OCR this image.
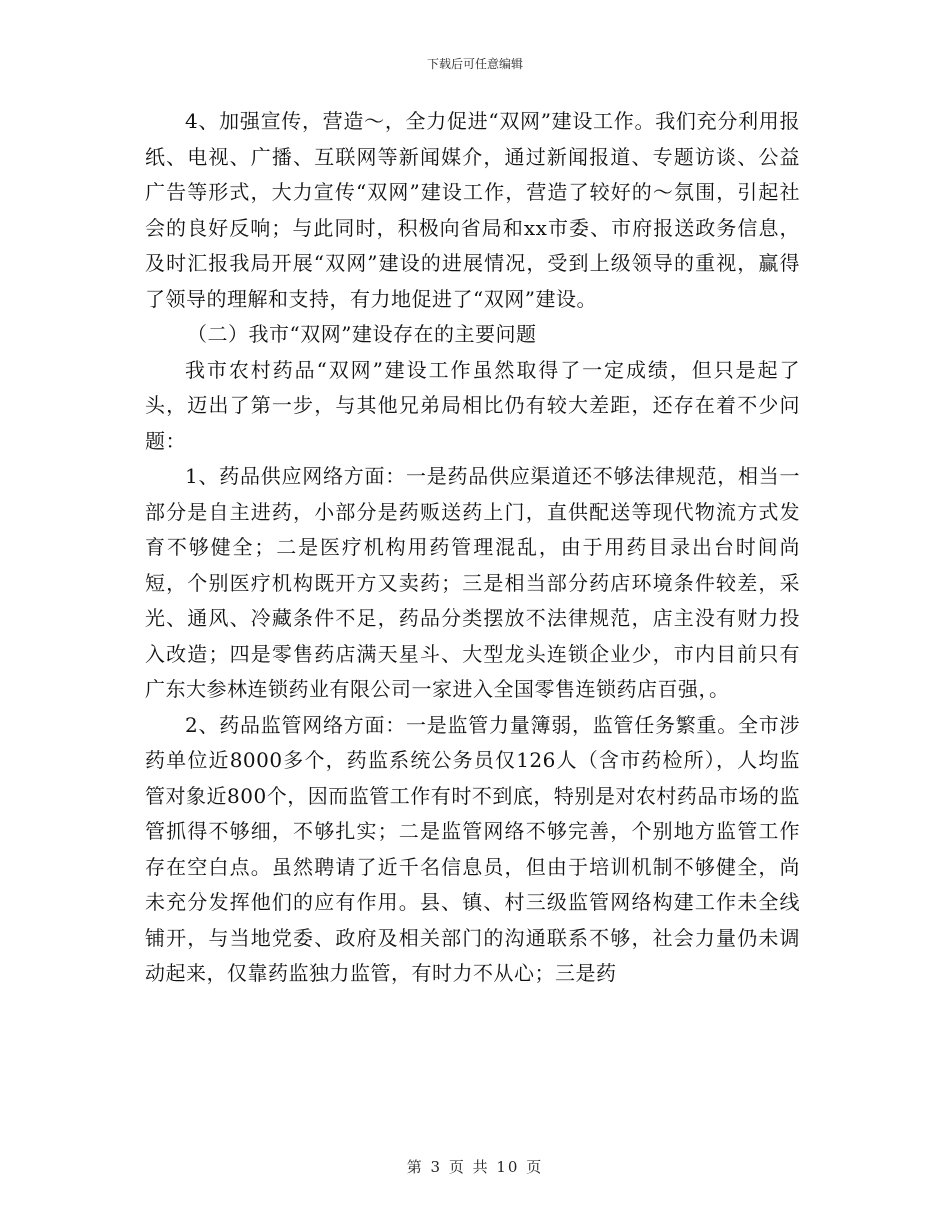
下载后可任意编辑

4、加强宣传，营造～，全力促进“双网”建设工作。我们充分利用报纸、电视、广播、互联网等新闻媒介，通过新闻报道、专题访谈、公益广告等形式，大力宣传“双网”建设工作，营造了较好的～氛围，引起社会的良好反响；与此同时，积极向省局和xx市委、市府报送政务信息，及时汇报我局开展“双网”建设的进展情况，受到上级领导的重视，赢得了领导的理解和支持，有力地促进了“双网”建设。

（二）我市“双网”建设存在的主要问题

我市农村药品“双网”建设工作虽然取得了一定成绩，但只是起了头，迈出了第一步，与其他兄弟局相比仍有较大差距，还存在着不少问题：

1、药品供应网络方面：一是药品供应渠道还不够法律规范，相当一部分是自主进药，小部分是药贩送药上门，直供配送等现代物流方式发育不够健全；二是医疗机构用药管理混乱，由于用药目录出台时间尚短，个别医疗机构既开方又卖药；三是相当部分药店环境条件较差，采光、通风、冷藏条件不足，药品分类摆放不法律规范，店主没有财力投入改造；四是零售药店满天星斗、大型龙头连锁企业少，市内目前只有广东大参林连锁药业有限公司一家进入全国零售连锁药店百强，。

2、药品监管网络方面：一是监管力量簿弱，监管任务繁重。全市涉药单位近8000多个，药监系统公务员仅126人（含市药检所），人均监管对象近800个，因而监管工作有时不到底，特别是对农村药品市场的监管抓得不够细，不够扎实；二是监管网络不够完善，个别地方监管工作存在空白点。虽然聘请了近千名信息员，但由于培训机制不够健全，尚未充分发挥他们的应有作用。县、镇、村三级监管网络构建工作未全线铺开，与当地党委、政府及相关部门的沟通联系不够，社会力量仍未调动起来，仅靠药监独力监管，有时力不从心；三是药

第 3 页 共 10 页
